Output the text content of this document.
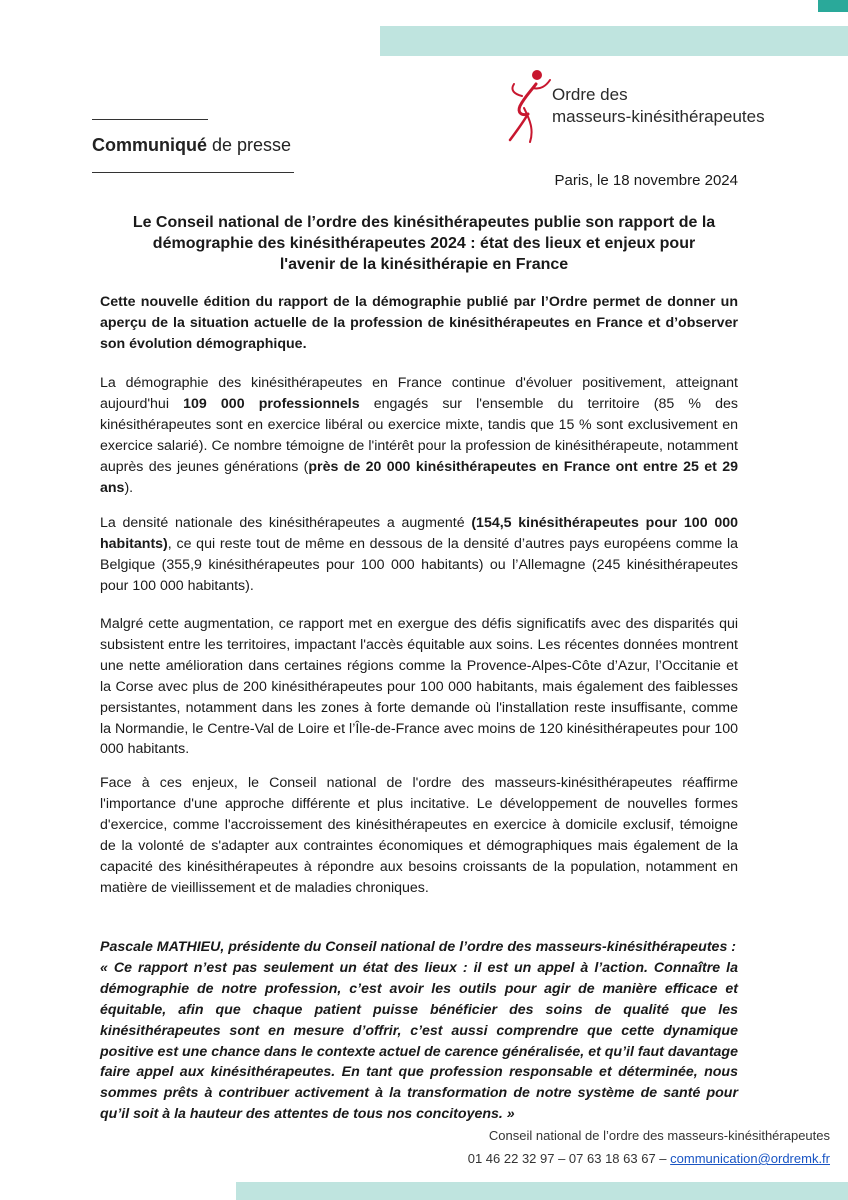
Ordre des
masseurs-kinésithérapeutes
Communiqué de presse
Paris, le 18 novembre 2024
Le Conseil national de l’ordre des kinésithérapeutes publie son rapport de la
démographie des kinésithérapeutes 2024 : état des lieux et enjeux pour
l'avenir de la kinésithérapie en France
Cette nouvelle édition du rapport de la démographie publié par l’Ordre permet de donner un aperçu de la situation actuelle de la profession de kinésithérapeutes en France et d’observer son évolution démographique.
La démographie des kinésithérapeutes en France continue d'évoluer positivement, atteignant aujourd'hui 109 000 professionnels engagés sur l'ensemble du territoire (85 % des kinésithérapeutes sont en exercice libéral ou exercice mixte, tandis que 15 % sont exclusivement en exercice salarié). Ce nombre témoigne de l'intérêt pour la profession de kinésithérapeute, notamment auprès des jeunes générations (près de 20 000 kinésithérapeutes en France ont entre 25 et 29 ans).
La densité nationale des kinésithérapeutes a augmenté (154,5 kinésithérapeutes pour 100 000 habitants), ce qui reste tout de même en dessous de la densité d’autres pays européens comme la Belgique (355,9 kinésithérapeutes pour 100 000 habitants) ou l’Allemagne (245 kinésithérapeutes pour 100 000 habitants).
Malgré cette augmentation, ce rapport met en exergue des défis significatifs avec des disparités qui subsistent entre les territoires, impactant l'accès équitable aux soins. Les récentes données montrent une nette amélioration dans certaines régions comme la Provence-Alpes-Côte d’Azur, l’Occitanie et la Corse avec plus de 200 kinésithérapeutes pour 100 000 habitants, mais également des faiblesses persistantes, notamment dans les zones à forte demande où l'installation reste insuffisante, comme la Normandie, le Centre-Val de Loire et l’Île-de-France avec moins de 120 kinésithérapeutes pour 100 000 habitants.
Face à ces enjeux, le Conseil national de l'ordre des masseurs-kinésithérapeutes réaffirme l'importance d'une approche différente et plus incitative. Le développement de nouvelles formes d'exercice, comme l'accroissement des kinésithérapeutes en exercice à domicile exclusif, témoigne de la volonté de s'adapter aux contraintes économiques et démographiques mais également de la capacité des kinésithérapeutes à répondre aux besoins croissants de la population, notamment en matière de vieillissement et de maladies chroniques.
Pascale MATHIEU, présidente du Conseil national de l’ordre des masseurs-kinésithérapeutes :
« Ce rapport n’est pas seulement un état des lieux : il est un appel à l’action. Connaître la démographie de notre profession, c’est avoir les outils pour agir de manière efficace et équitable, afin que chaque patient puisse bénéficier des soins de qualité que les kinésithérapeutes sont en mesure d’offrir, c’est aussi comprendre que cette dynamique positive est une chance dans le contexte actuel de carence généralisée, et qu’il faut davantage faire appel aux kinésithérapeutes. En tant que profession responsable et déterminée, nous sommes prêts à contribuer activement à la transformation de notre système de santé pour qu’il soit à la hauteur des attentes de tous nos concitoyens. »
Conseil national de l’ordre des masseurs-kinésithérapeutes
01 46 22 32 97 – 07 63 18 63 67 – communication@ordremk.fr
